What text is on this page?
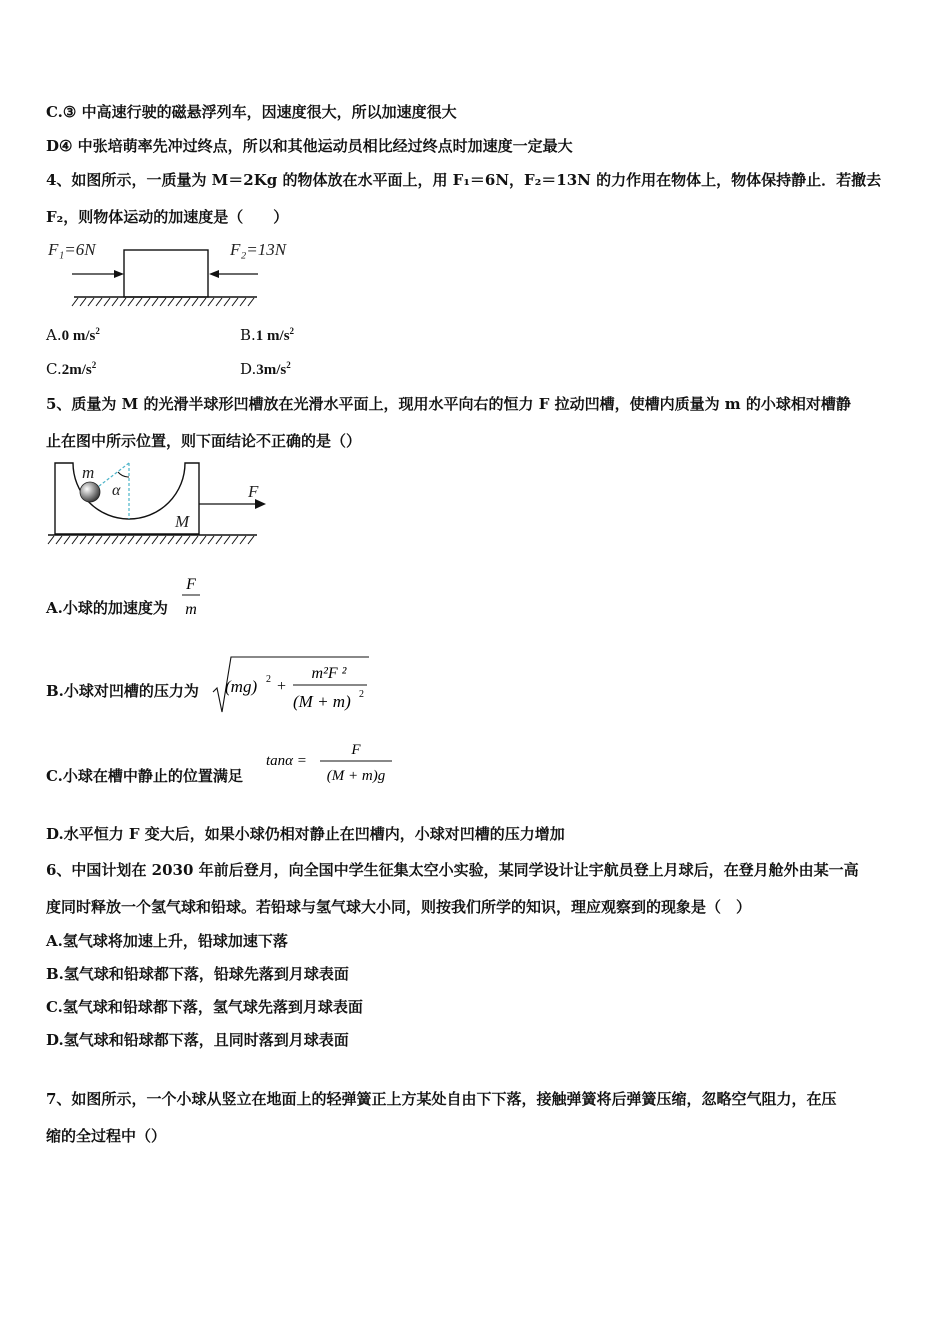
C.③ 中高速行驶的磁悬浮列车，因速度很大，所以加速度很大
D④ 中张培萌率先冲过终点，所以和其他运动员相比经过终点时加速度一定最大
4、如图所示，一质量为 M＝2Kg 的物体放在水平面上，用 F₁＝6N，F₂＝13N 的力作用在物体上，物体保持静止．若撤去
F₂，则物体运动的加速度是（　　）
F₁=6N	F₂=13N
A.0 $m/s^2$	B.1 $m/s^2$
$C.2m/s^2$	$D.3m/s^2$
5、质量为 M 的光滑半球形凹槽放在光滑水平面上，现用水平向右的恒力 F 拉动凹槽，使槽内质量为 m 的小球相对槽静
止在图中所示位置，则下面结论不正确的是（）
m
α
M
F
A.小球的加速度为
F
m
B.小球对凹槽的压力为 (mg) 2 +
m²F ²
(M + m) 2
C.小球在槽中静止的位置满足
tanα =
F
(M + m)g
D.水平恒力 F 变大后，如果小球仍相对静止在凹槽内，小球对凹槽的压力增加
6、中国计划在 2030 年前后登月，向全国中学生征集太空小实验，某同学设计让宇航员登上月球后，在登月舱外由某一高
度同时释放一个氢气球和铅球。若铅球与氢气球大小同，则按我们所学的知识，理应观察到的现象是（　）
A.氢气球将加速上升，铅球加速下落
B.氢气球和铅球都下落，铅球先落到月球表面
C.氢气球和铅球都下落，氢气球先落到月球表面
D.氢气球和铅球都下落，且同时落到月球表面
7、如图所示，一个小球从竖立在地面上的轻弹簧正上方某处自由下下落，接触弹簧将后弹簧压缩，忽略空气阻力，在压
缩的全过程中（）
